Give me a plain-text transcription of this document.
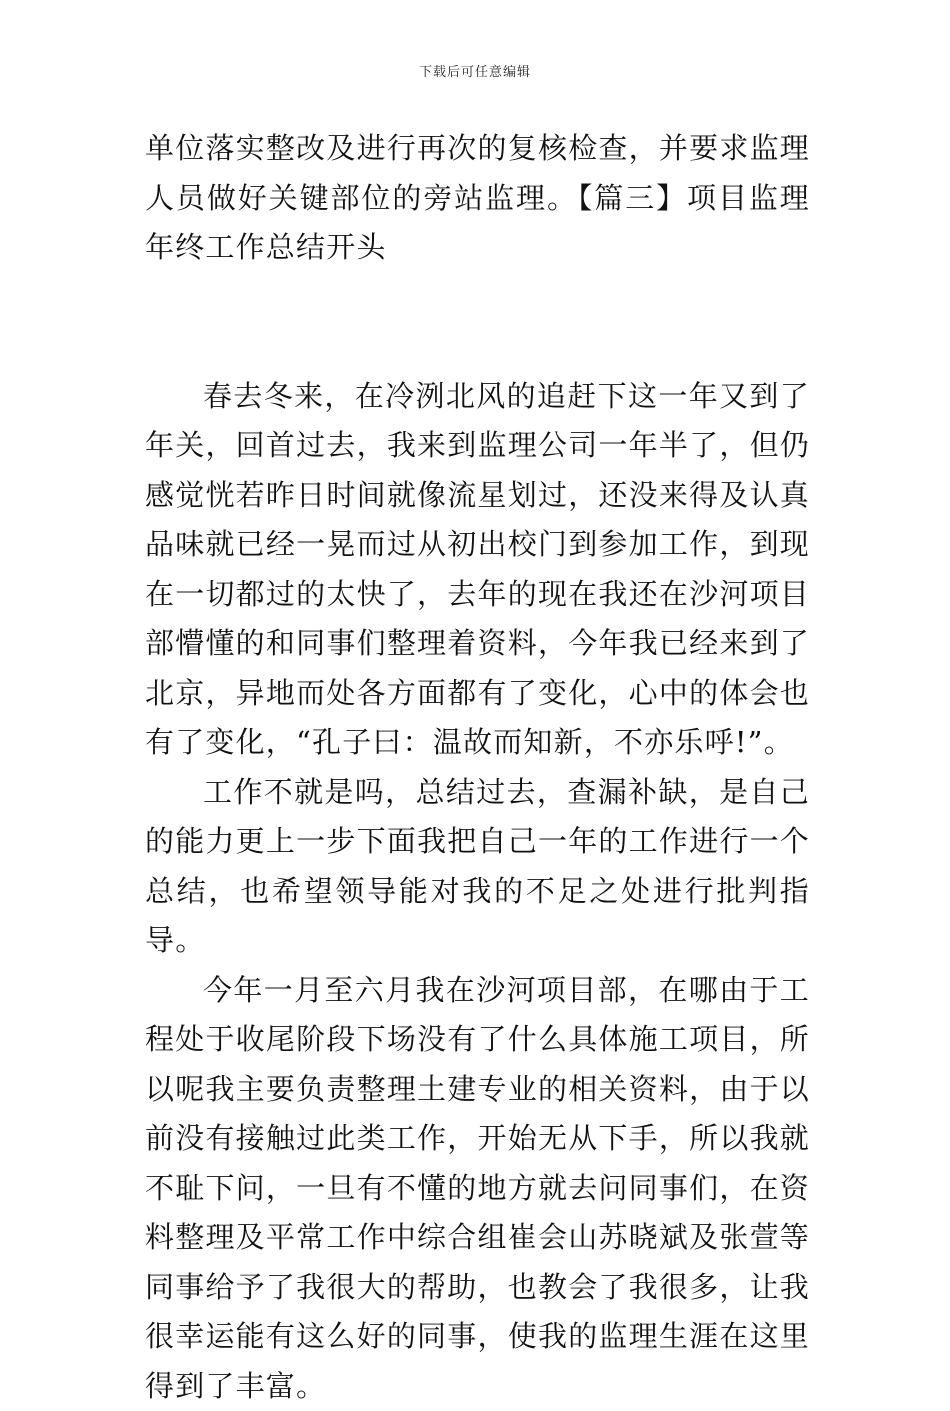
下载后可任意编辑

单位落实整改及进行再次的复核检查，并要求监理人员做好关键部位的旁站监理。【篇三】项目监理年终工作总结开头

春去冬来，在冷洌北风的追赶下这一年又到了年关，回首过去，我来到监理公司一年半了，但仍感觉恍若昨日时间就像流星划过，还没来得及认真品味就已经一晃而过从初出校门到参加工作，到现在一切都过的太快了，去年的现在我还在沙河项目部懵懂的和同事们整理着资料，今年我已经来到了北京，异地而处各方面都有了变化，心中的体会也有了变化，“孔子曰：温故而知新，不亦乐呼!”。

工作不就是吗，总结过去，查漏补缺，是自己的能力更上一步下面我把自己一年的工作进行一个总结，也希望领导能对我的不足之处进行批判指导。

今年一月至六月我在沙河项目部，在哪由于工程处于收尾阶段下场没有了什么具体施工项目，所以呢我主要负责整理土建专业的相关资料，由于以前没有接触过此类工作，开始无从下手，所以我就不耻下问，一旦有不懂的地方就去问同事们，在资料整理及平常工作中综合组崔会山苏晓斌及张萱等同事给予了我很大的帮助，也教会了我很多，让我很幸运能有这么好的同事，使我的监理生涯在这里得到了丰富。
